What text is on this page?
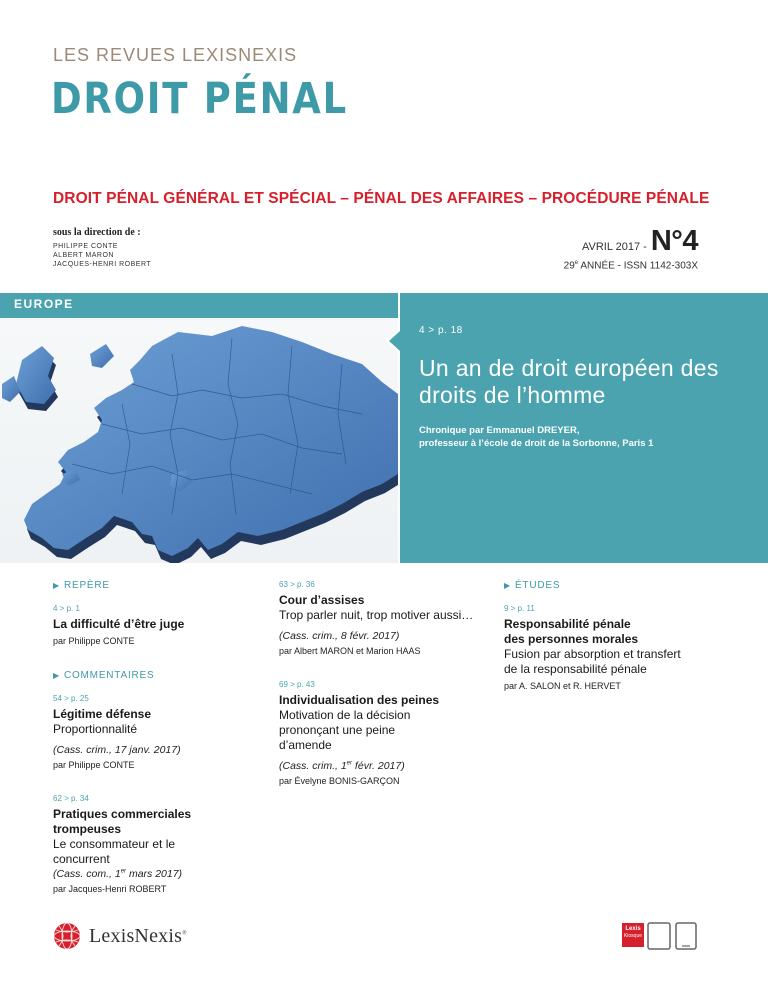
LES REVUES LEXISNEXIS
DROIT PÉNAL
DROIT PÉNAL GÉNÉRAL ET SPÉCIAL – PÉNAL DES AFFAIRES – PROCÉDURE PÉNALE
sous la direction de :
PHILIPPE CONTE
ALBERT MARON
JACQUES-HENRI ROBERT
AVRIL 2017 - N°4
29e ANNÉE - ISSN 1142-303X
EUROPE
4 > p. 18
Un an de droit européen des droits de l’homme
Chronique par Emmanuel DREYER,
professeur à l’école de droit de la Sorbonne, Paris 1
▶ REPÈRE
4 > p. 1
La difficulté d’être juge
par Philippe CONTE
▶ COMMENTAIRES
54 > p. 25
Légitime défense
Proportionnalité
(Cass. crim., 17 janv. 2017)
par Philippe CONTE
62 > p. 34
Pratiques commerciales trompeuses
Le consommateur et le concurrent
(Cass. com., 1er mars 2017)
par Jacques-Henri ROBERT
63 > p. 36
Cour d’assises
Trop parler nuit, trop motiver aussi…
(Cass. crim., 8 févr. 2017)
par Albert MARON et Marion HAAS
69 > p. 43
Individualisation des peines
Motivation de la décision prononçant une peine d’amende
(Cass. crim., 1er févr. 2017)
par Évelyne BONIS-GARÇON
▶ ÉTUDES
9 > p. 11
Responsabilité pénale des personnes morales
Fusion par absorption et transfert de la responsabilité pénale
par A. SALON et R. HERVET
LexisNexis®
Lexis
Kiosque
